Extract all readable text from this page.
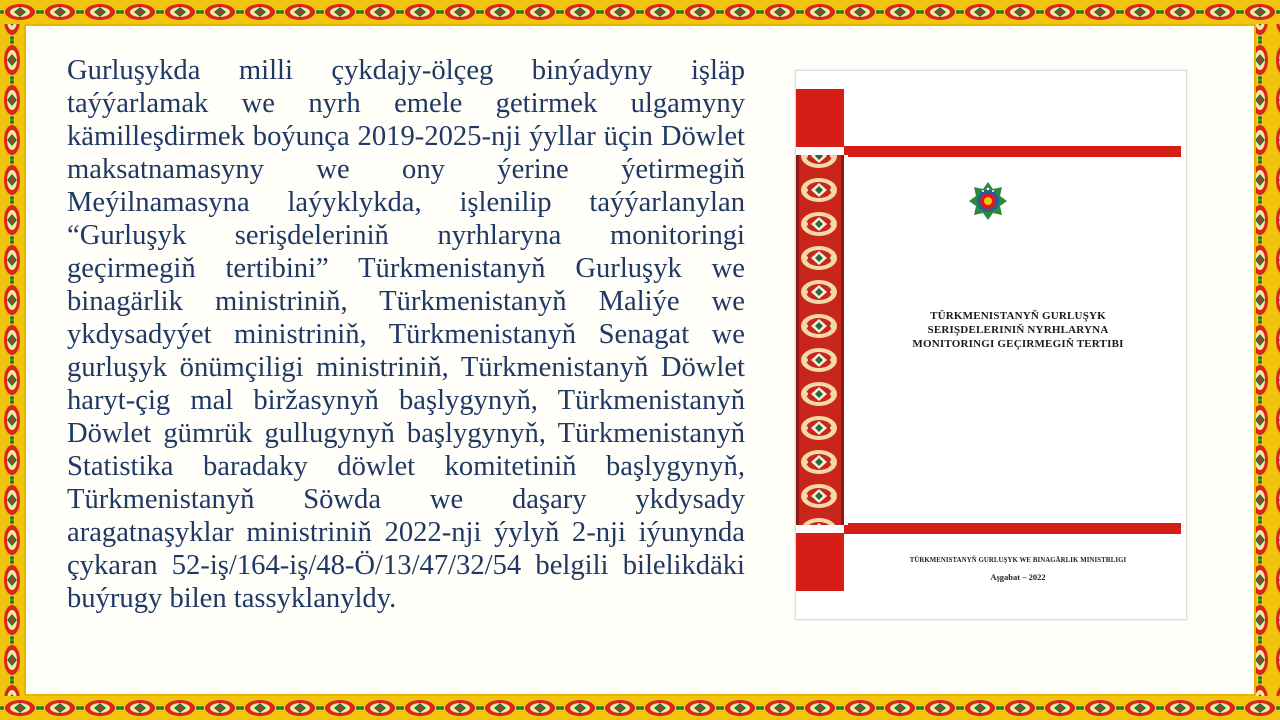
Gurluşykda milli çykdajy-ölçeg binýadyny işläp taýýarlamak we nyrh emele getirmek ulgamyny kämilleşdirmek boýunça 2019-2025-nji ýyllar üçin Döwlet maksatnamasyny we ony ýerine ýetirmegiň Meýilnamasyna laýyklykda, işlenilip taýýarlanylan “Gurluşyk serişdeleriniň nyrhlaryna monitoringi geçirmegiň tertibini” Türkmenistanyň Gurluşyk we binagärlik ministriniň, Türkmenistanyň Maliýe we ykdysadyýet ministriniň, Türkmenistanyň Senagat we gurluşyk önümçiligi ministriniň, Türkmenistanyň Döwlet haryt-çig mal biržasynyň başlygynyň, Türkmenistanyň Döwlet gümrük gullugynyň başlygynyň, Türkmenistanyň Statistika baradaky döwlet komitetiniň başlygynyň, Türkmenistanyň Söwda we daşary ykdysady aragatnaşyklar ministriniň 2022-nji ýylyň 2-nji iýunynda çykaran 52-iş/164-iş/48-Ö/13/47/32/54 belgili bilelikdäki buýrugy bilen tassyklanyldy.
TÜRKMENISTANYŇ GURLUŞYK
SERIŞDELERINIŇ NYRHLARYNA
MONITORINGI GEÇIRMEGIŇ TERTIBI
TÜRKMENISTANYŇ GURLUŞYK WE BINAGÄRLIK MINISTRLIGI
Aşgabat – 2022
